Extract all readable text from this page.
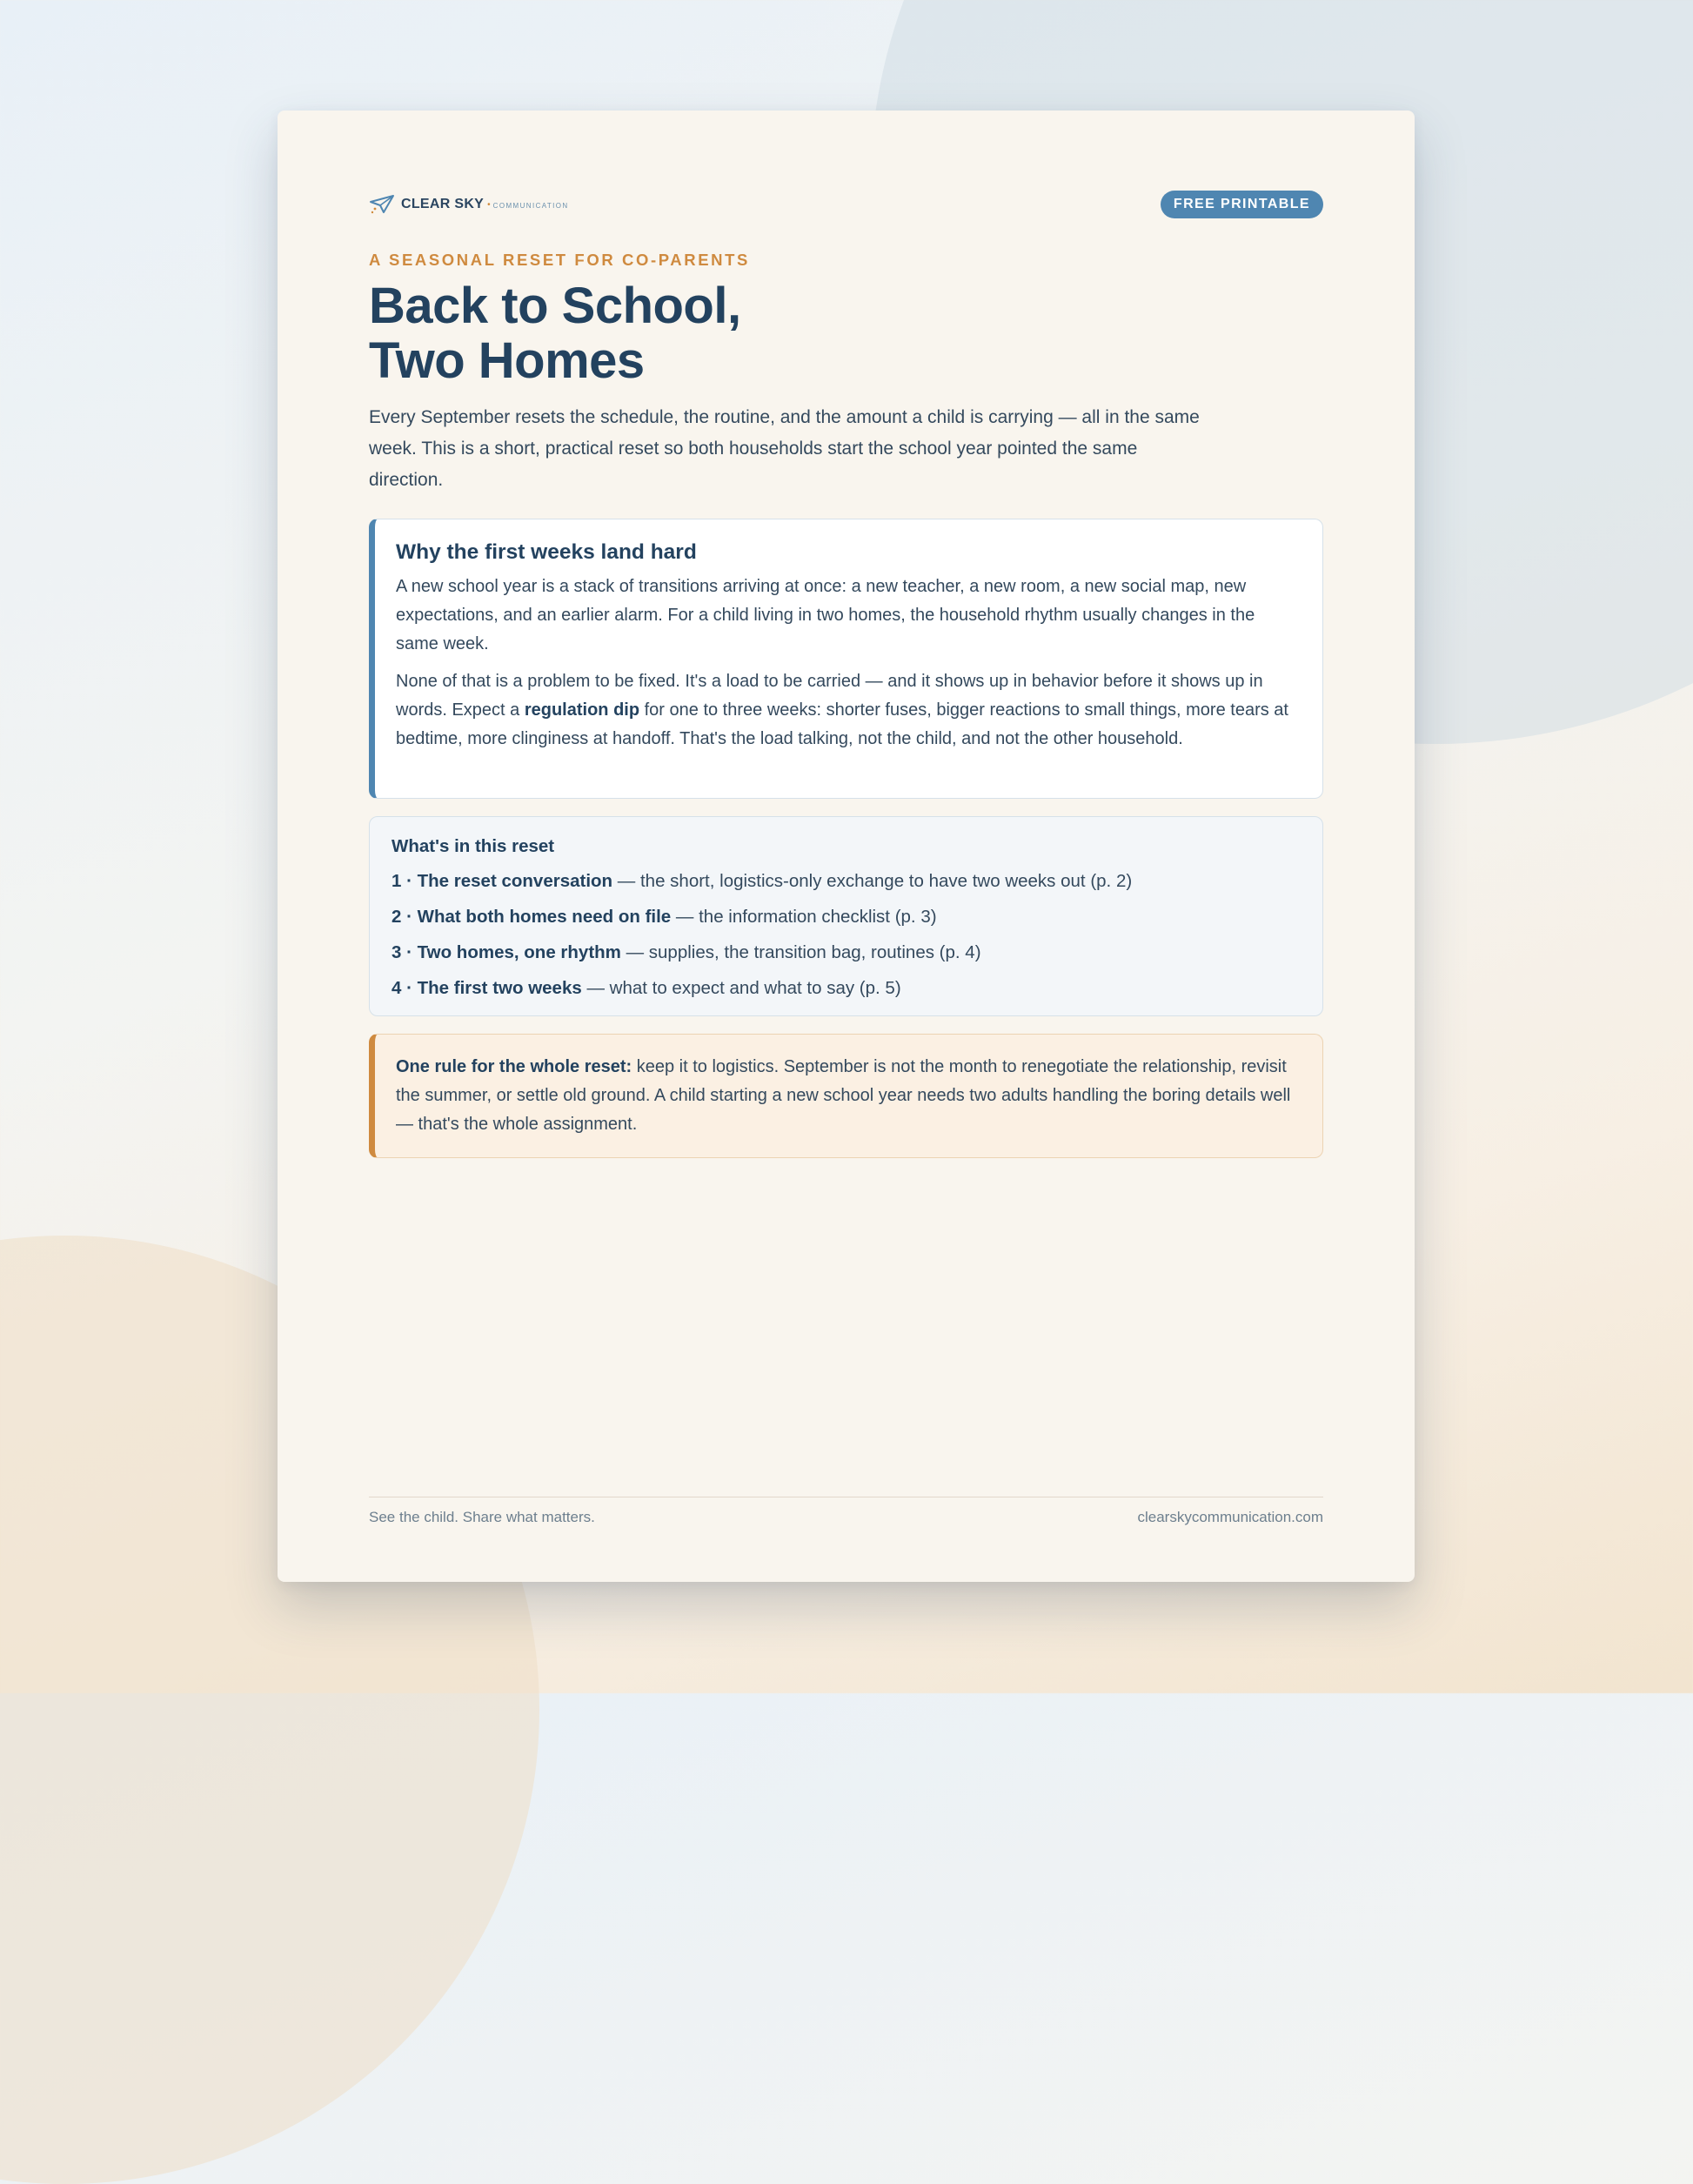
CLEAR SKY • COMMUNICATION	FREE PRINTABLE
A SEASONAL RESET FOR CO-PARENTS
Back to School,
Two Homes

Every September resets the schedule, the routine, and the amount a child is carrying — all in the same week. This is a short, practical reset so both households start the school year pointed the same direction.

Why the first weeks land hard

A new school year is a stack of transitions arriving at once: a new teacher, a new room, a new social map, new expectations, and an earlier alarm. For a child living in two homes, the household rhythm usually changes in the same week.

None of that is a problem to be fixed. It's a load to be carried — and it shows up in behavior before it shows up in words. Expect a regulation dip for one to three weeks: shorter fuses, bigger reactions to small things, more tears at bedtime, more clinginess at handoff. That's the load talking, not the child, and not the other household.

What's in this reset
1 · The reset conversation — the short, logistics-only exchange to have two weeks out (p. 2)
2 · What both homes need on file — the information checklist (p. 3)
3 · Two homes, one rhythm — supplies, the transition bag, routines (p. 4)
4 · The first two weeks — what to expect and what to say (p. 5)

One rule for the whole reset: keep it to logistics. September is not the month to renegotiate the relationship, revisit the summer, or settle old ground. A child starting a new school year needs two adults handling the boring details well — that's the whole assignment.

See the child. Share what matters.	clearskycommunication.com
